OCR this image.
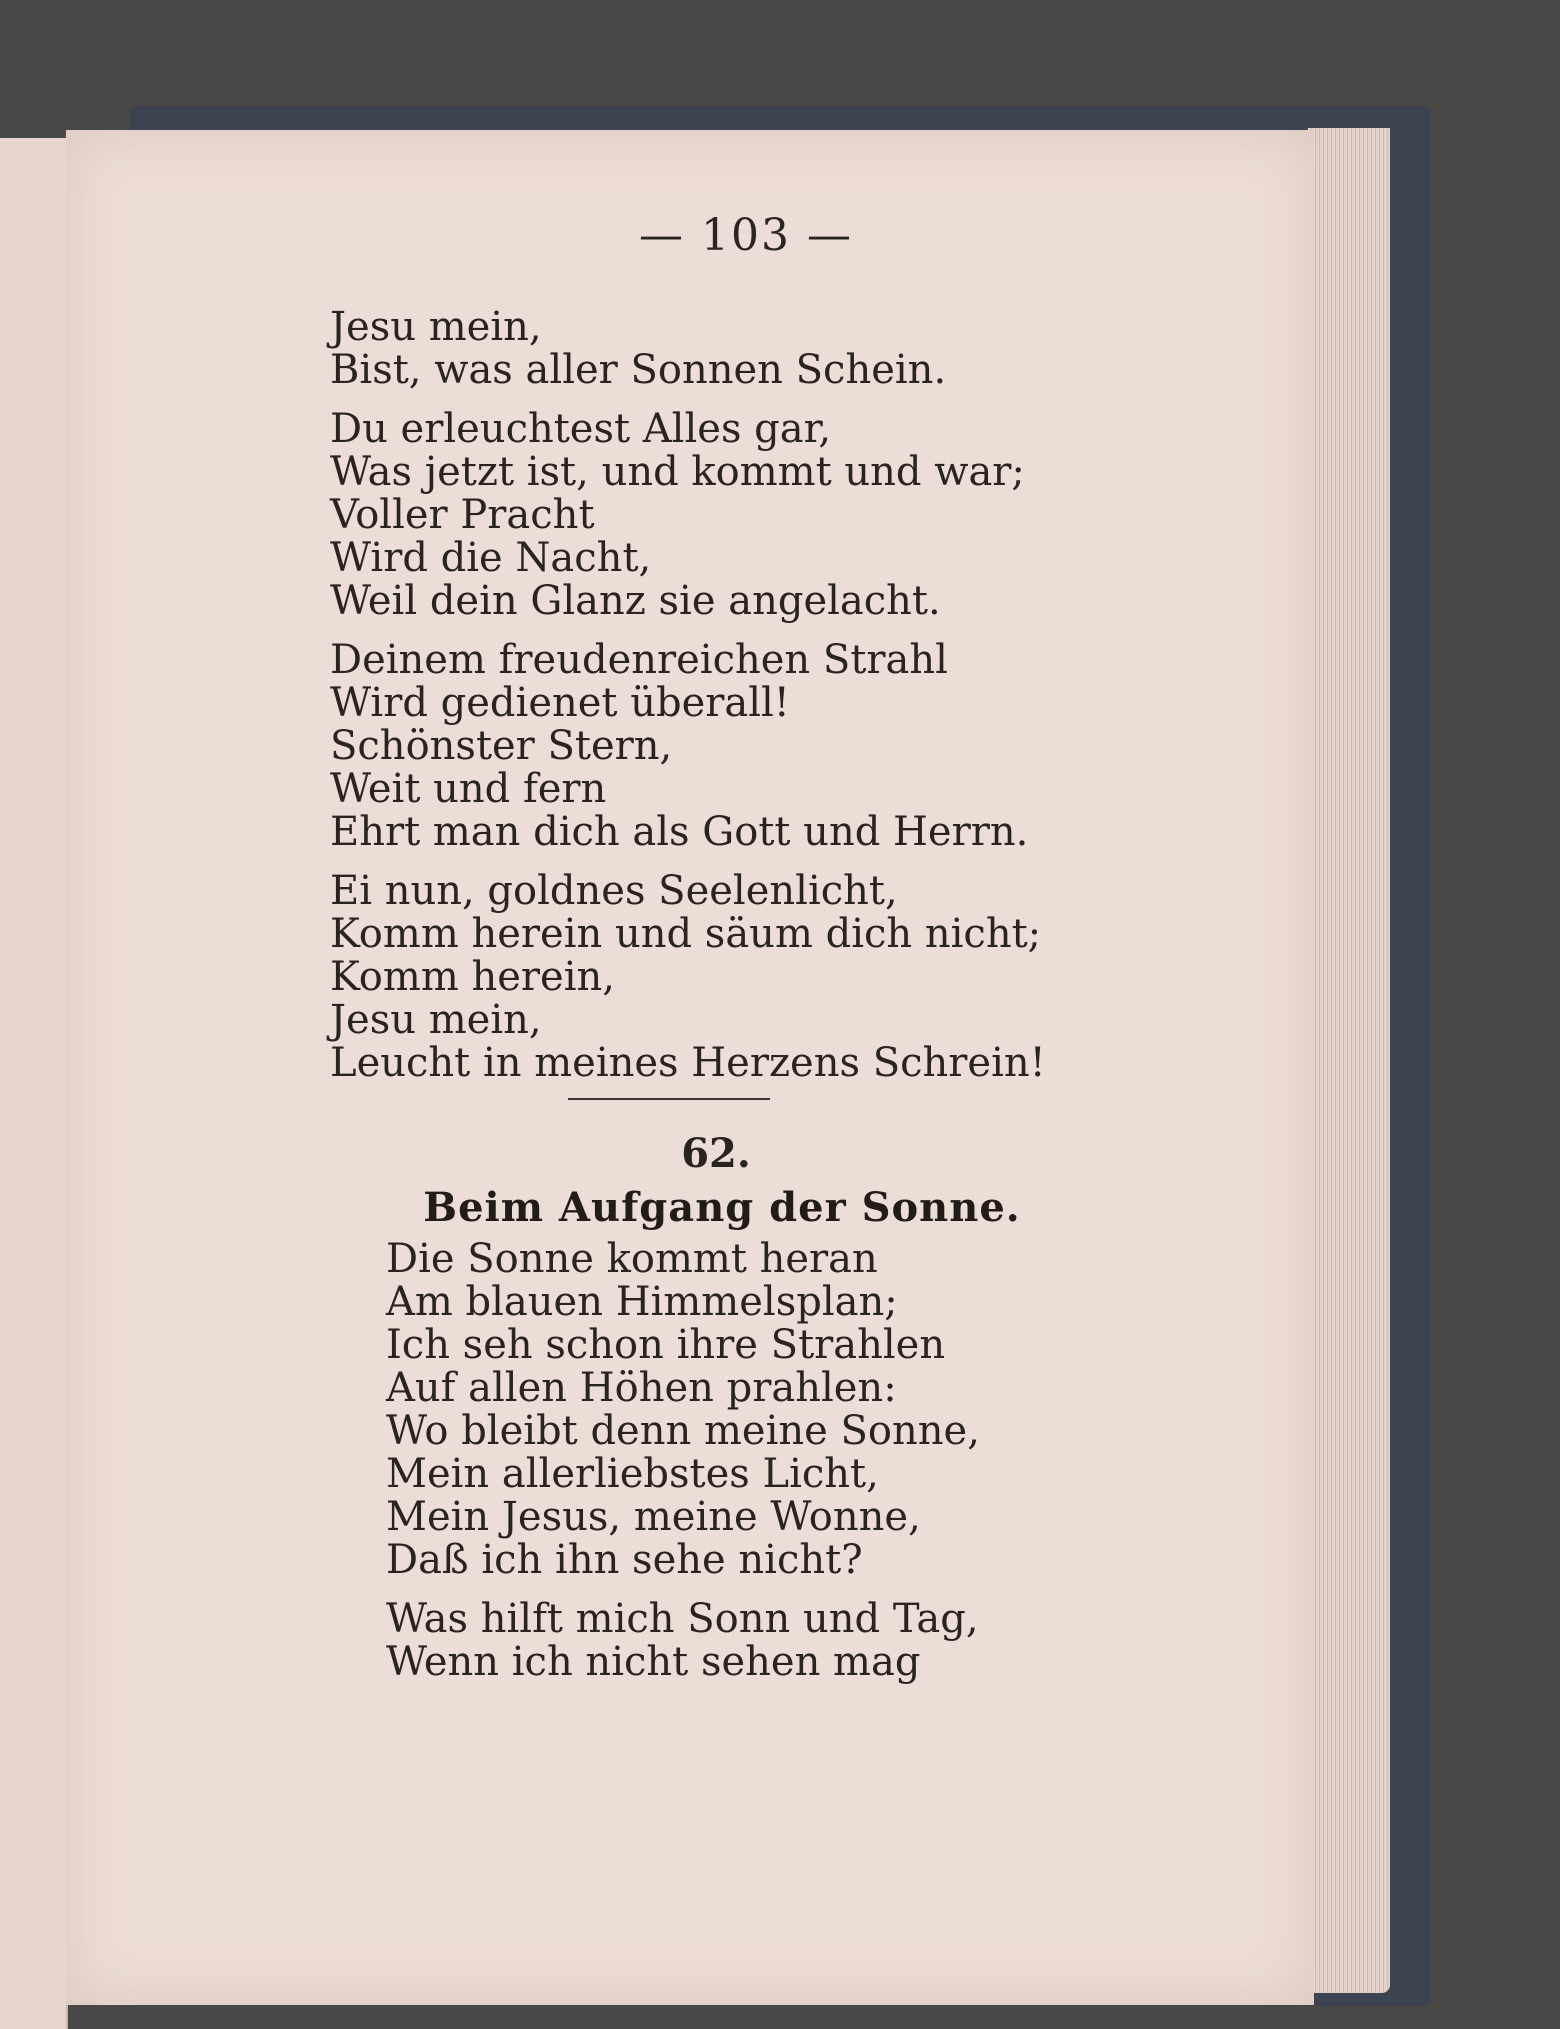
— 103 —
Jesu mein,
Bist, was aller Sonnen Schein.
Du erleuchtest Alles gar,
Was jetzt ist, und kommt und war;
Voller Pracht
Wird die Nacht,
Weil dein Glanz sie angelacht.
Deinem freudenreichen Strahl
Wird gedienet überall!
Schönster Stern,
Weit und fern
Ehrt man dich als Gott und Herrn.
Ei nun, goldnes Seelenlicht,
Komm herein und säum dich nicht;
Komm herein,
Jesu mein,
Leucht in meines Herzens Schrein!
62.
Beim Aufgang der Sonne.
Die Sonne kommt heran
Am blauen Himmelsplan;
Ich seh schon ihre Strahlen
Auf allen Höhen prahlen:
Wo bleibt denn meine Sonne,
Mein allerliebstes Licht,
Mein Jesus, meine Wonne,
Daß ich ihn sehe nicht?
Was hilft mich Sonn und Tag,
Wenn ich nicht sehen mag
